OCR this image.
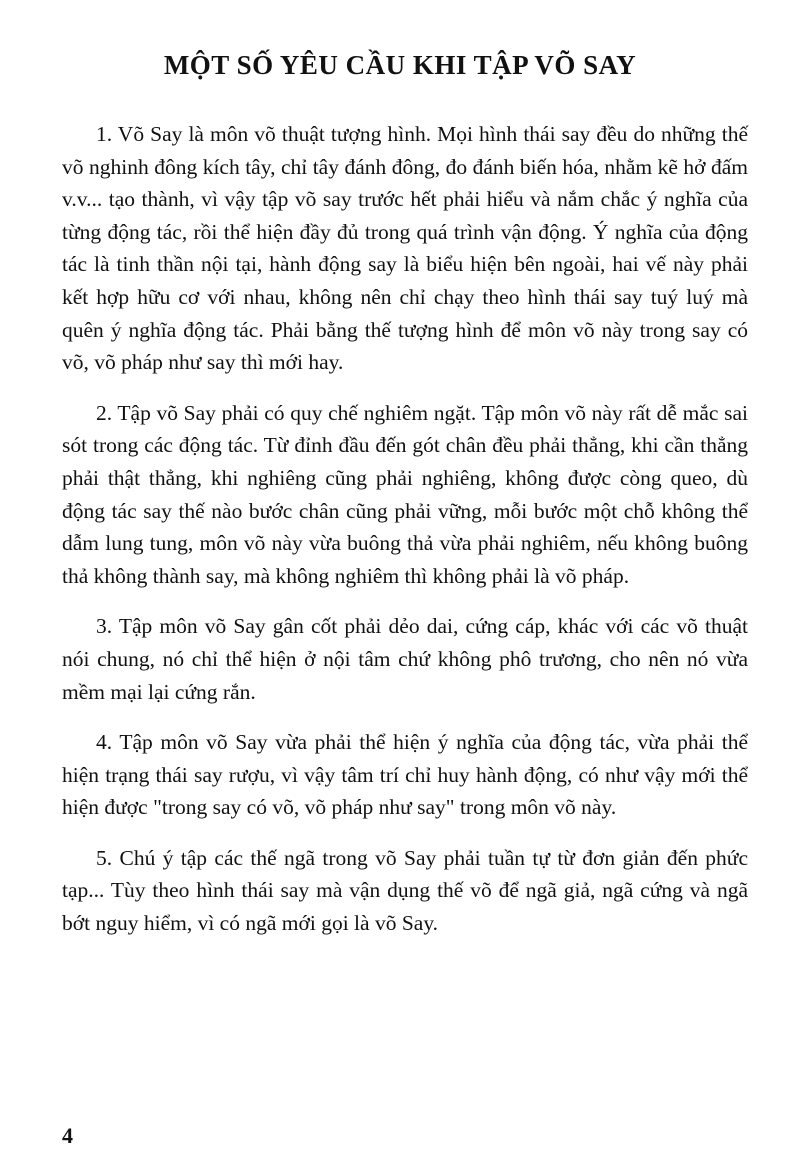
MỘT SỐ YÊU CẦU KHI TẬP VÕ SAY

1. Võ Say là môn võ thuật tượng hình. Mọi hình thái say đều do những thế võ nghinh đông kích tây, chỉ tây đánh đông, đo đánh biến hóa, nhằm kẽ hở đấm v.v... tạo thành, vì vậy tập võ say trước hết phải hiểu và nắm chắc ý nghĩa của từng động tác, rồi thể hiện đầy đủ trong quá trình vận động. Ý nghĩa của động tác là tinh thần nội tại, hành động say là biểu hiện bên ngoài, hai vế này phải kết hợp hữu cơ với nhau, không nên chỉ chạy theo hình thái say tuý luý mà quên ý nghĩa động tác. Phải bằng thế tượng hình để môn võ này trong say có võ, võ pháp như say thì mới hay.

2. Tập võ Say phải có quy chế nghiêm ngặt. Tập môn võ này rất dễ mắc sai sót trong các động tác. Từ đỉnh đầu đến gót chân đều phải thẳng, khi cần thẳng phải thật thẳng, khi nghiêng cũng phải nghiêng, không được còng queo, dù động tác say thế nào bước chân cũng phải vững, mỗi bước một chỗ không thể dẫm lung tung, môn võ này vừa buông thả vừa phải nghiêm, nếu không buông thả không thành say, mà không nghiêm thì không phải là võ pháp.

3. Tập môn võ Say gân cốt phải dẻo dai, cứng cáp, khác với các võ thuật nói chung, nó chỉ thể hiện ở nội tâm chứ không phô trương, cho nên nó vừa mềm mại lại cứng rắn.

4. Tập môn võ Say vừa phải thể hiện ý nghĩa của động tác, vừa phải thể hiện trạng thái say rượu, vì vậy tâm trí chỉ huy hành động, có như vậy mới thể hiện được "trong say có võ, võ pháp như say" trong môn võ này.

5. Chú ý tập các thế ngã trong võ Say phải tuần tự từ đơn giản đến phức tạp... Tùy theo hình thái say mà vận dụng thế võ để ngã giả, ngã cứng và ngã bớt nguy hiểm, vì có ngã mới gọi là võ Say.

4
